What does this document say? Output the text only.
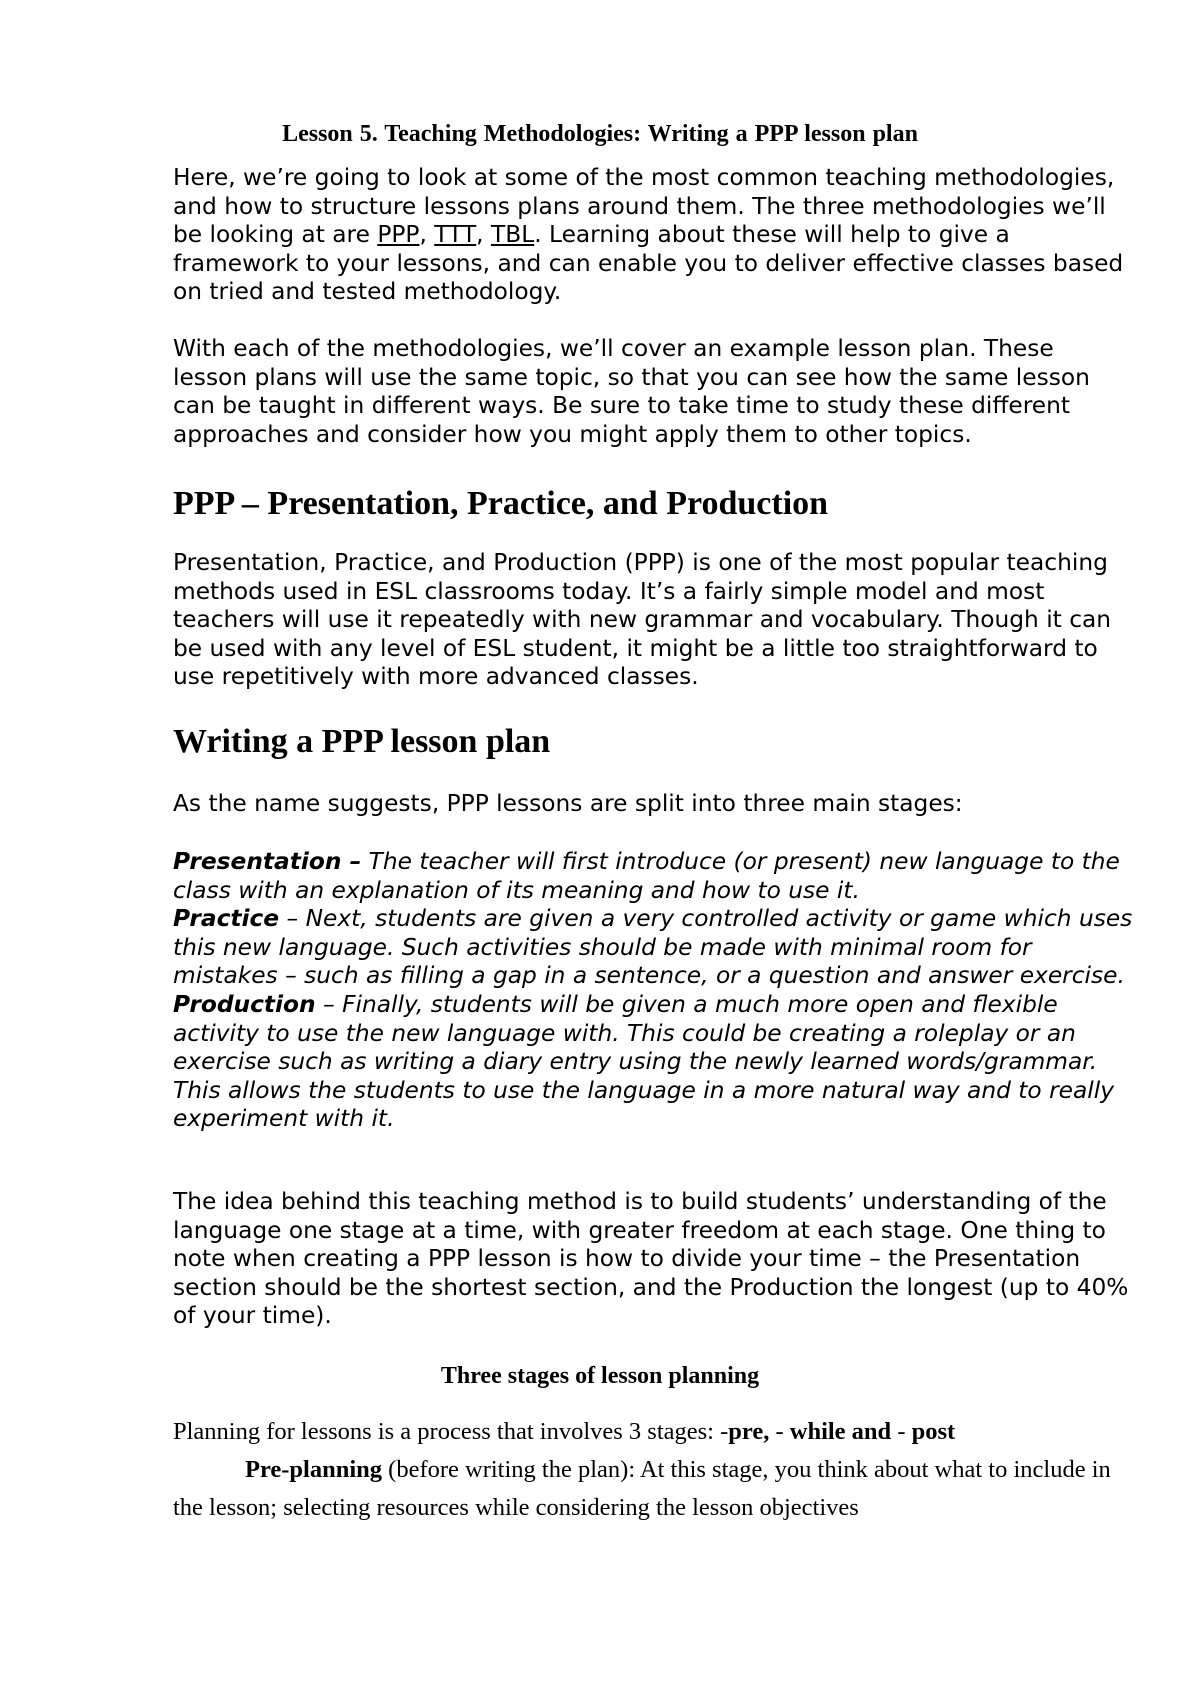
Lesson 5. Teaching Methodologies: Writing a PPP lesson plan

Here, we’re going to look at some of the most common teaching methodologies, and how to structure lessons plans around them. The three methodologies we’ll be looking at are PPP, TTT, TBL. Learning about these will help to give a framework to your lessons, and can enable you to deliver effective classes based on tried and tested methodology.

With each of the methodologies, we’ll cover an example lesson plan. These lesson plans will use the same topic, so that you can see how the same lesson can be taught in different ways. Be sure to take time to study these different approaches and consider how you might apply them to other topics.

PPP – Presentation, Practice, and Production

Presentation, Practice, and Production (PPP) is one of the most popular teaching methods used in ESL classrooms today. It’s a fairly simple model and most teachers will use it repeatedly with new grammar and vocabulary. Though it can be used with any level of ESL student, it might be a little too straightforward to use repetitively with more advanced classes.

Writing a PPP lesson plan

As the name suggests, PPP lessons are split into three main stages:

Presentation – The teacher will first introduce (or present) new language to the class with an explanation of its meaning and how to use it.

Practice – Next, students are given a very controlled activity or game which uses this new language. Such activities should be made with minimal room for mistakes – such as filling a gap in a sentence, or a question and answer exercise.

Production – Finally, students will be given a much more open and flexible activity to use the new language with. This could be creating a roleplay or an exercise such as writing a diary entry using the newly learned words/grammar. This allows the students to use the language in a more natural way and to really experiment with it.

The idea behind this teaching method is to build students’ understanding of the language one stage at a time, with greater freedom at each stage. One thing to note when creating a PPP lesson is how to divide your time – the Presentation section should be the shortest section, and the Production the longest (up to 40% of your time).

Three stages of lesson planning

Planning for lessons is a process that involves 3 stages: -pre, - while and - post

Pre-planning (before writing the plan): At this stage, you think about what to include in the lesson; selecting resources while considering the lesson objectives
